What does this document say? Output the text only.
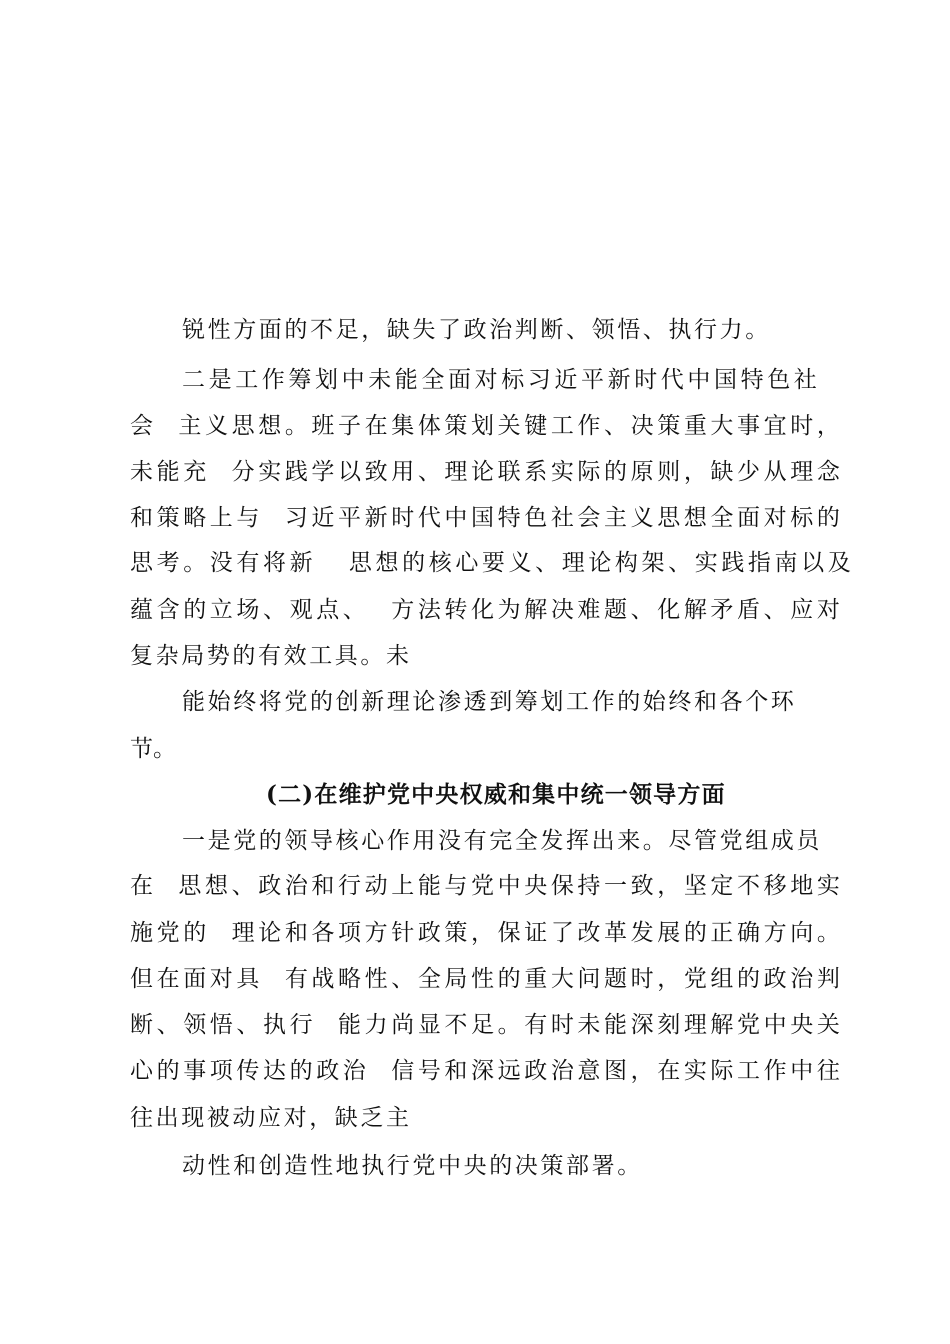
锐性方面的不足，缺失了政治判断、领悟、执行力。

二是工作筹划中未能全面对标习近平新时代中国特色社

会  主义思想。班子在集体策划关键工作、决策重大事宜时，

未能充  分实践学以致用、理论联系实际的原则，缺少从理念

和策略上与  习近平新时代中国特色社会主义思想全面对标的

思考。没有将新   思想的核心要义、理论构架、实践指南以及

蕴含的立场、观点、  方法转化为解决难题、化解矛盾、应对

复杂局势的有效工具。未

能始终将党的创新理论渗透到筹划工作的始终和各个环

节。

(二)在维护党中央权威和集中统一领导方面

一是党的领导核心作用没有完全发挥出来。尽管党组成员

在  思想、政治和行动上能与党中央保持一致，坚定不移地实

施党的  理论和各项方针政策，保证了改革发展的正确方向。

但在面对具  有战略性、全局性的重大问题时，党组的政治判

断、领悟、执行  能力尚显不足。有时未能深刻理解党中央关

心的事项传达的政治  信号和深远政治意图，在实际工作中往

往出现被动应对，缺乏主

动性和创造性地执行党中央的决策部署。
